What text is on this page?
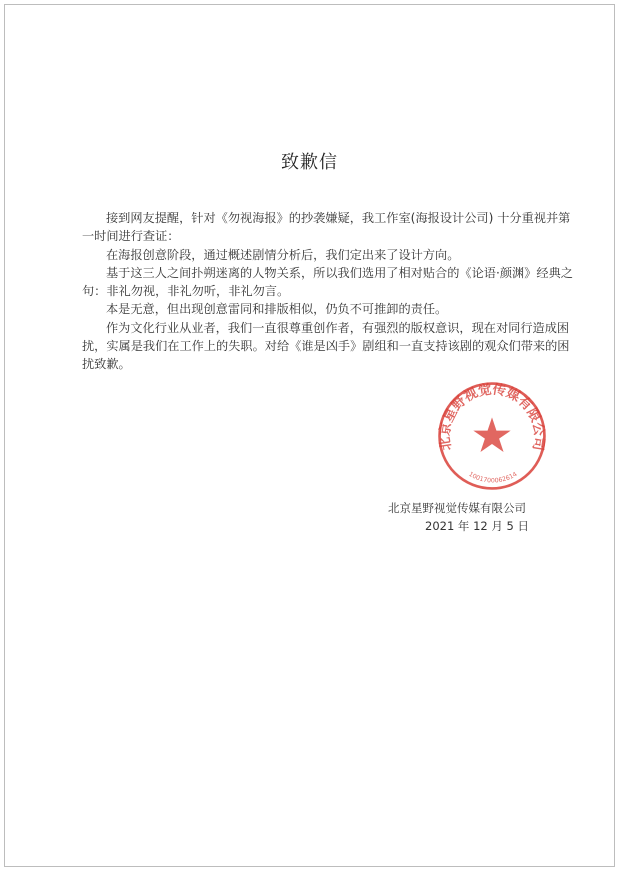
致歉信
接到网友提醒，针对《勿视海报》的抄袭嫌疑，我工作室(海报设计公司) 十分重视并第
一时间进行查证：
在海报创意阶段，通过概述剧情分析后，我们定出来了设计方向。
基于这三人之间扑朔迷离的人物关系，所以我们选用了相对贴合的《论语·颜渊》经典之
句：非礼勿视，非礼勿听，非礼勿言。
本是无意，但出现创意雷同和排版相似，仍负不可推卸的责任。
作为文化行业从业者，我们一直很尊重创作者，有强烈的版权意识，现在对同行造成困
扰，实属是我们在工作上的失职。对给《谁是凶手》剧组和一直支持该剧的观众们带来的困
扰致歉。
北京星野视觉传媒有限公司
1001700062614
北京星野视觉传媒有限公司
2021 年 12 月 5 日
